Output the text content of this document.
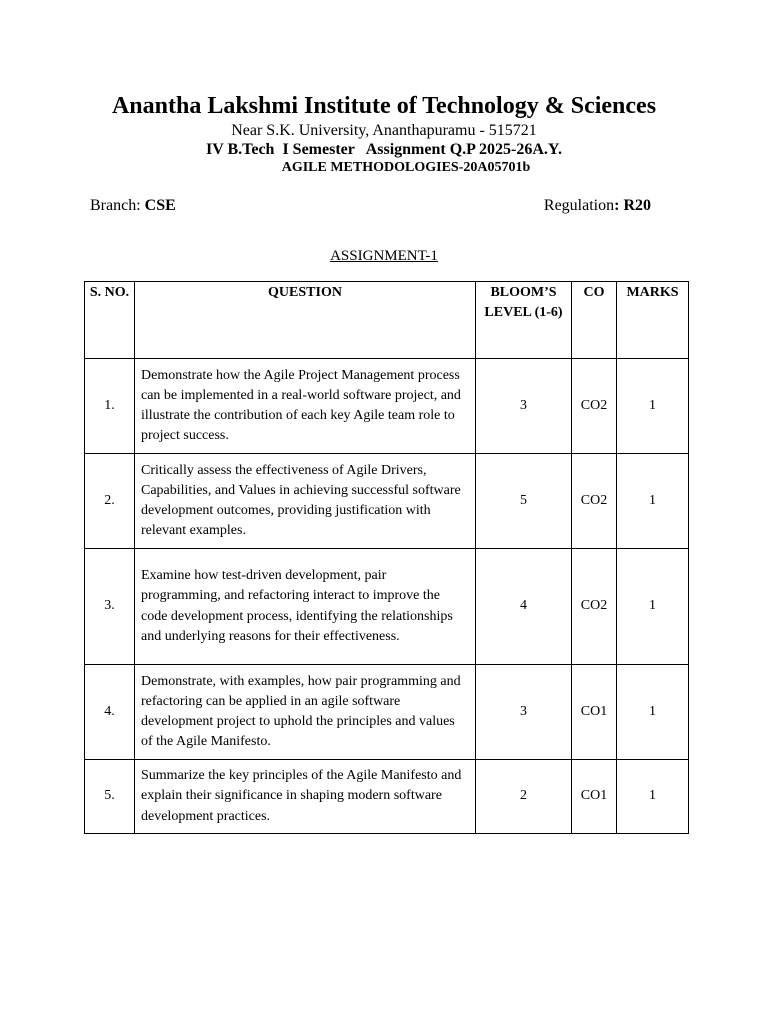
Anantha Lakshmi Institute of Technology & Sciences
Near S.K. University, Ananthapuramu - 515721
IV B.Tech  I Semester   Assignment Q.P 2025-26A.Y.
AGILE METHODOLOGIES-20A05701b
Branch: CSE	Regulation: R20
ASSIGNMENT-1
S. NO.	QUESTION	BLOOM’S LEVEL (1-6)	CO	MARKS
1.	Demonstrate how the Agile Project Management process can be implemented in a real-world software project, and illustrate the contribution of each key Agile team role to project success.	3	CO2	1
2.	Critically assess the effectiveness of Agile Drivers, Capabilities, and Values in achieving successful software development outcomes, providing justification with relevant examples.	5	CO2	1
3.	Examine how test-driven development, pair programming, and refactoring interact to improve the code development process, identifying the relationships and underlying reasons for their effectiveness.	4	CO2	1
4.	Demonstrate, with examples, how pair programming and refactoring can be applied in an agile software development project to uphold the principles and values of the Agile Manifesto.	3	CO1	1
5.	Summarize the key principles of the Agile Manifesto and explain their significance in shaping modern software development practices.	2	CO1	1
